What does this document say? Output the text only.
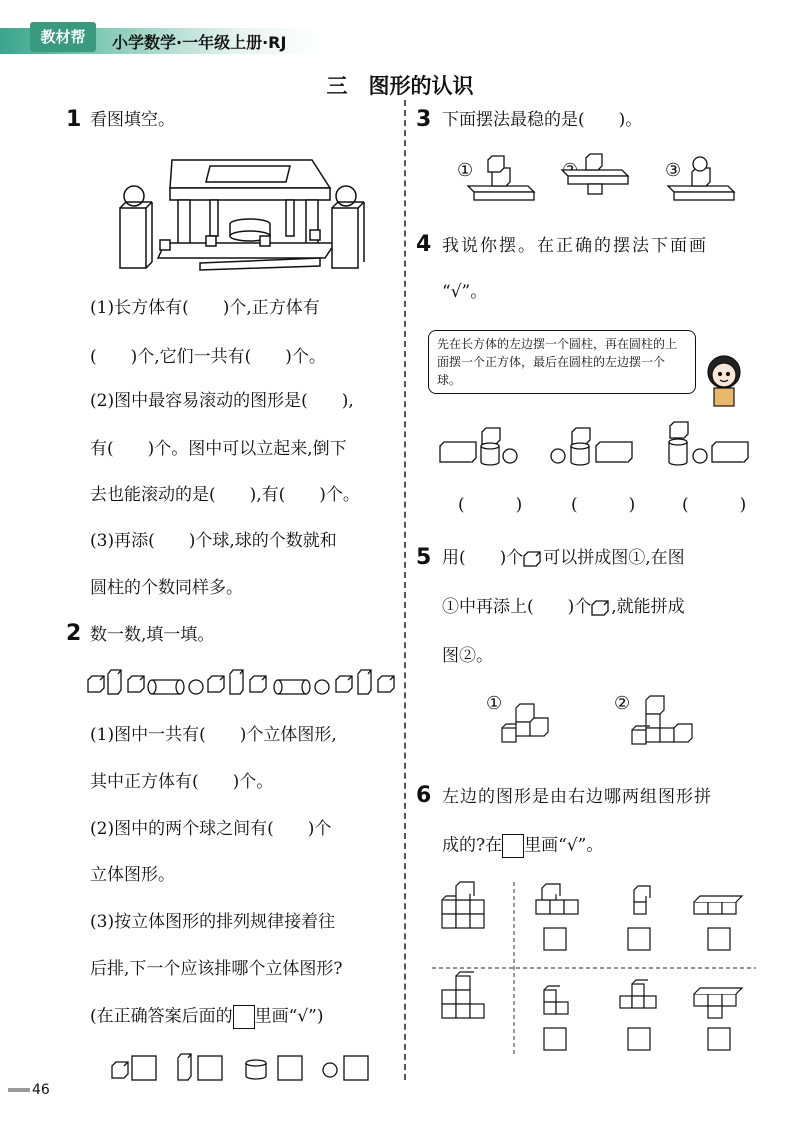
教材帮	小学数学·一年级上册·RJ
三　图形的认识
1 看图填空。
(1)长方体有(　　)个,正方体有
(　　)个,它们一共有(　　)个。
(2)图中最容易滚动的图形是(　　),
有(　　)个。图中可以立起来,倒下
去也能滚动的是(　　),有(　　)个。
(3)再添(　　)个球,球的个数就和
圆柱的个数同样多。
2 数一数,填一填。
(1)图中一共有(　　)个立体图形,
其中正方体有(　　)个。
(2)图中的两个球之间有(　　)个
立体图形。
(3)按立体图形的排列规律接着往
后排,下一个应该排哪个立体图形?
(在正确答案后面的 里画“√”)
3 下面摆法最稳的是(　　)。
①	③
4 我说你摆。在正确的摆法下面画
“√”。
先在长方体的左边摆一个圆柱，再在圆柱的上面摆一个正方体，最后在圆柱的左边摆一个球。
(　　　)	(　　　)	(　　　)
5 用(　　)个 可以拼成图①,在图
①中再添上(　　)个 ,就能拼成
图②。
①	②
6 左边的图形是由右边哪两组图形拼
成的?在 里画“√”。
46
